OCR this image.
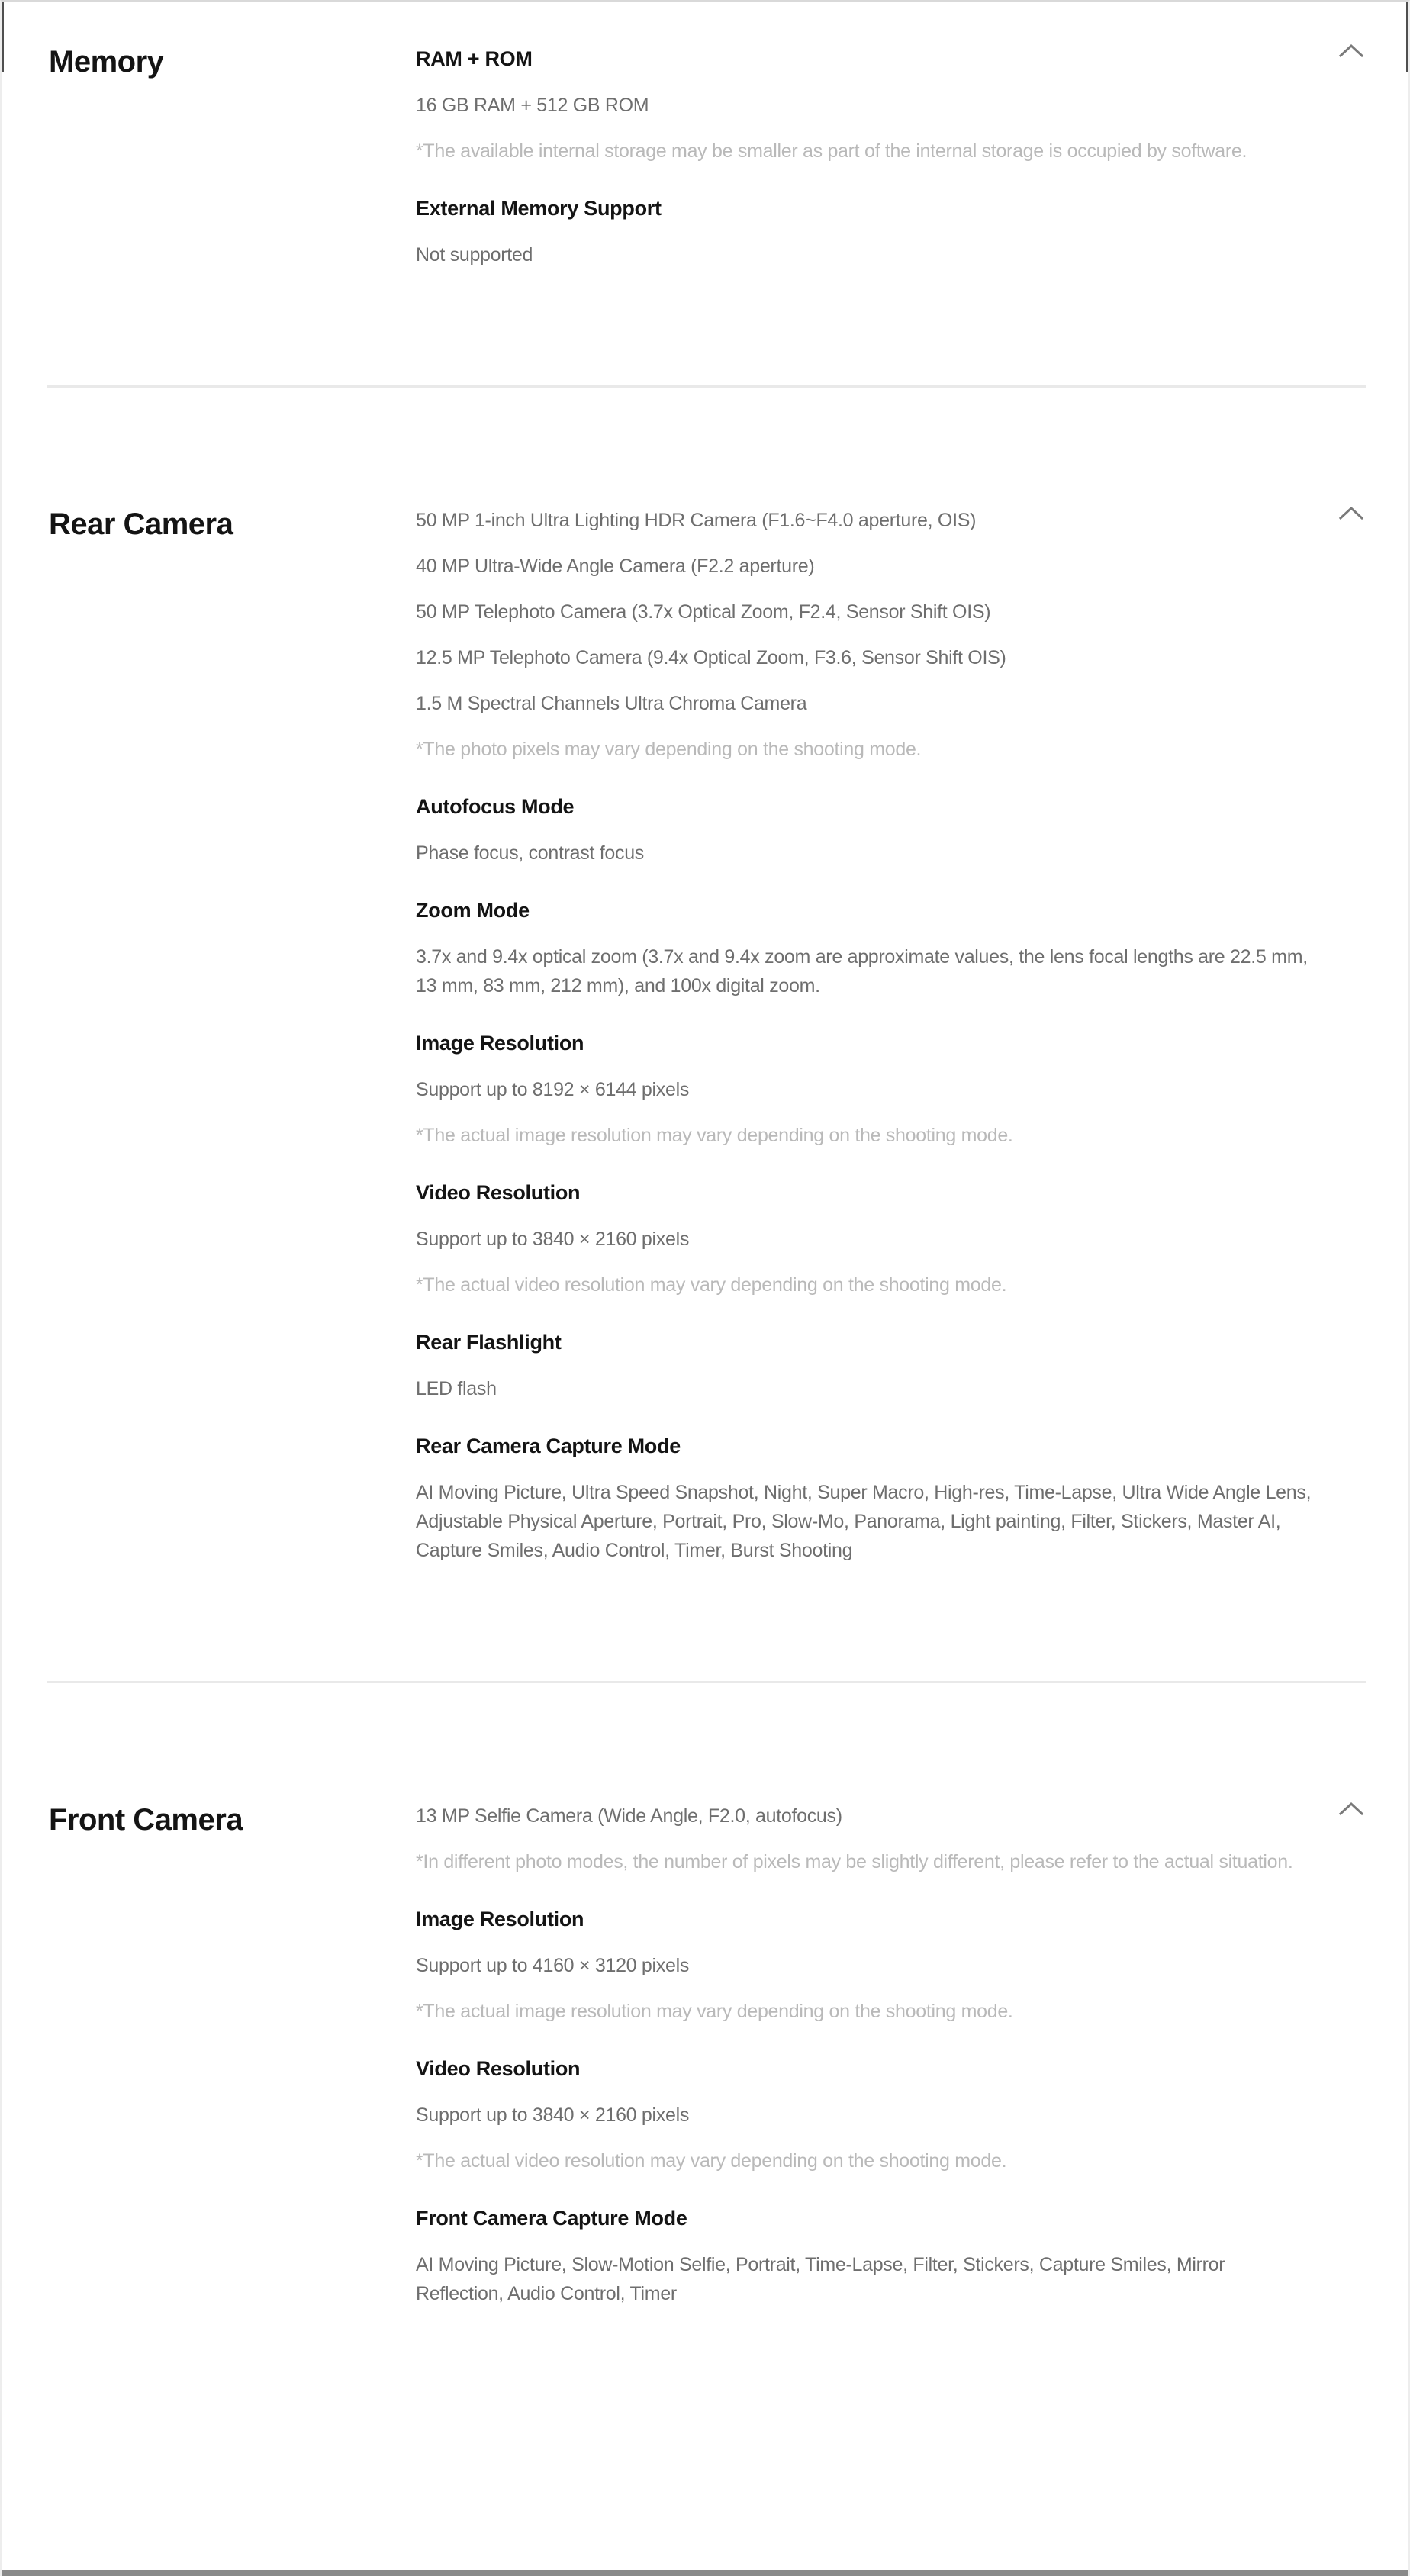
Memory	RAM + ROM

16 GB RAM + 512 GB ROM

*The available internal storage may be smaller as part of the internal storage is occupied by software.

External Memory Support

Not supported

Rear Camera	50 MP 1-inch Ultra Lighting HDR Camera (F1.6~F4.0 aperture, OIS)

40 MP Ultra-Wide Angle Camera (F2.2 aperture)

50 MP Telephoto Camera (3.7x Optical Zoom, F2.4, Sensor Shift OIS)

12.5 MP Telephoto Camera (9.4x Optical Zoom, F3.6, Sensor Shift OIS)

1.5 M Spectral Channels Ultra Chroma Camera

*The photo pixels may vary depending on the shooting mode.

Autofocus Mode

Phase focus, contrast focus

Zoom Mode

3.7x and 9.4x optical zoom (3.7x and 9.4x zoom are approximate values, the lens focal lengths are 22.5 mm, 13 mm, 83 mm, 212 mm), and 100x digital zoom.

Image Resolution

Support up to 8192 × 6144 pixels

*The actual image resolution may vary depending on the shooting mode.

Video Resolution

Support up to 3840 × 2160 pixels

*The actual video resolution may vary depending on the shooting mode.

Rear Flashlight

LED flash

Rear Camera Capture Mode

AI Moving Picture, Ultra Speed Snapshot, Night, Super Macro, High-res, Time-Lapse, Ultra Wide Angle Lens, Adjustable Physical Aperture, Portrait, Pro, Slow-Mo, Panorama, Light painting, Filter, Stickers, Master AI, Capture Smiles, Audio Control, Timer, Burst Shooting

Front Camera	13 MP Selfie Camera (Wide Angle, F2.0, autofocus)

*In different photo modes, the number of pixels may be slightly different, please refer to the actual situation.

Image Resolution

Support up to 4160 × 3120 pixels

*The actual image resolution may vary depending on the shooting mode.

Video Resolution

Support up to 3840 × 2160 pixels

*The actual video resolution may vary depending on the shooting mode.

Front Camera Capture Mode

AI Moving Picture, Slow-Motion Selfie, Portrait, Time-Lapse, Filter, Stickers, Capture Smiles, Mirror Reflection, Audio Control, Timer
